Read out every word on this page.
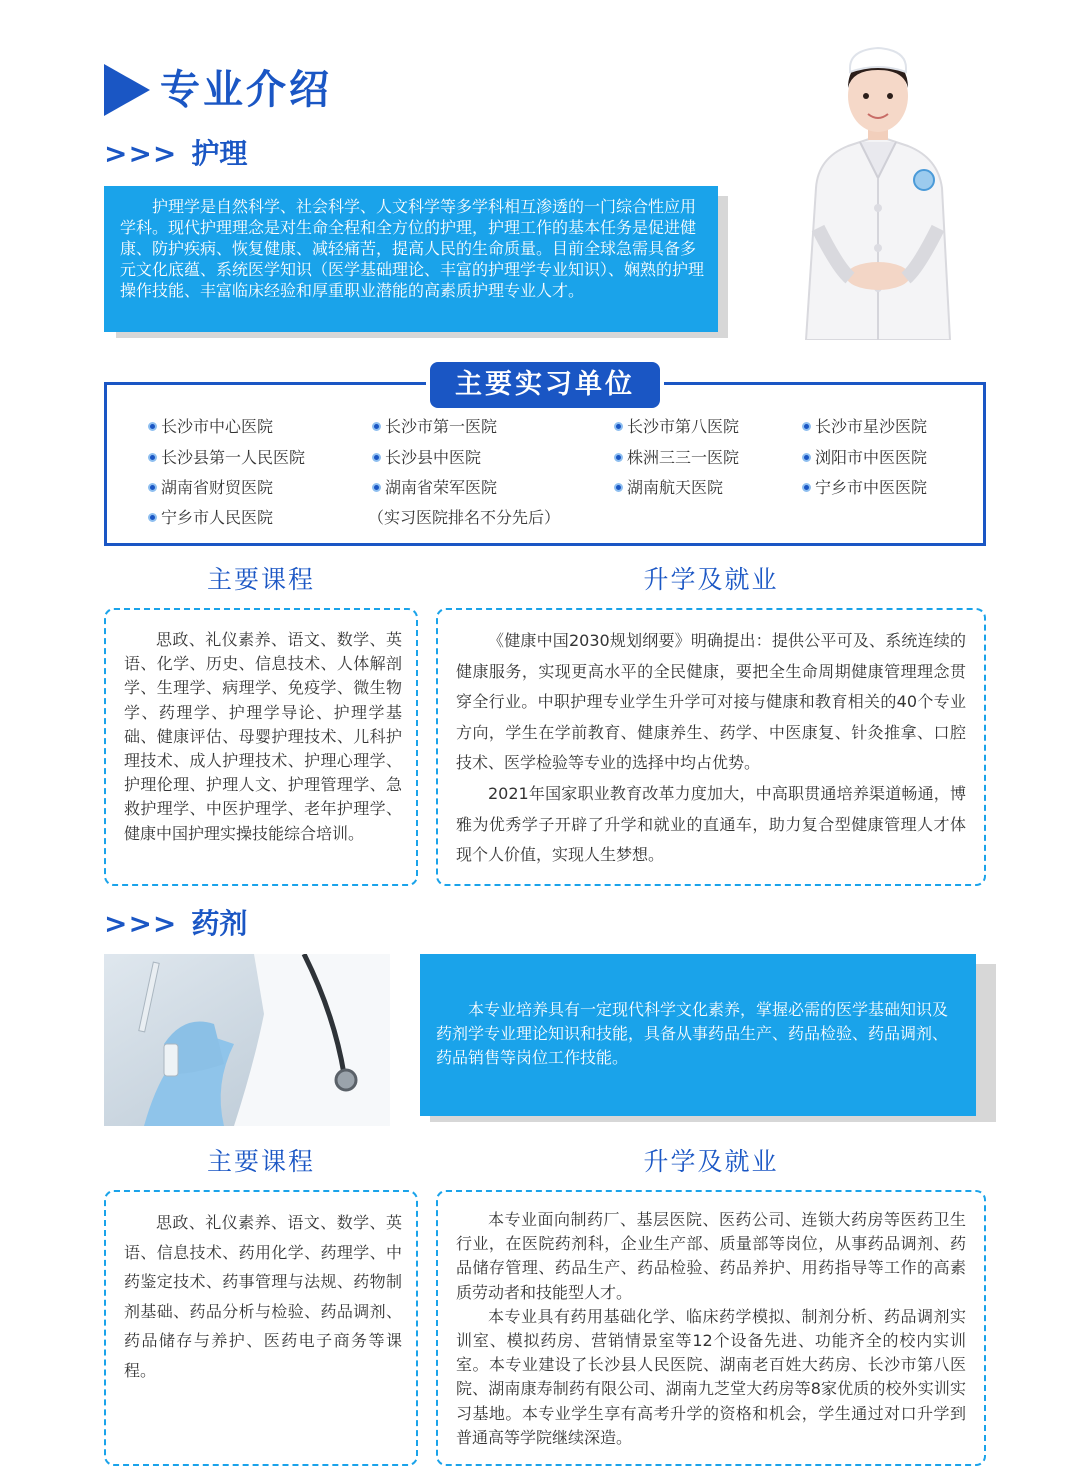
专业介绍
>>> 护理
护理学是自然科学、社会科学、人文科学等多学科相互渗透的一门综合性应用学科。现代护理理念是对生命全程和全方位的护理，护理工作的基本任务是促进健康、防护疾病、恢复健康、减轻痛苦，提高人民的生命质量。目前全球急需具备多元文化底蕴、系统医学知识（医学基础理论、丰富的护理学专业知识）、娴熟的护理操作技能、丰富临床经验和厚重职业潜能的高素质护理专业人才。
主要实习单位
长沙市中心医院	长沙市第一医院	长沙市第八医院	长沙市星沙医院
长沙县第一人民医院	长沙县中医院	株洲三三一医院	浏阳市中医医院
湖南省财贸医院	湖南省荣军医院	湖南航天医院	宁乡市中医医院
宁乡市人民医院	（实习医院排名不分先后）
主要课程	升学及就业
思政、礼仪素养、语文、数学、英语、化学、历史、信息技术、人体解剖学、生理学、病理学、免疫学、微生物学、药理学、护理学导论、护理学基础、健康评估、母婴护理技术、儿科护理技术、成人护理技术、护理心理学、护理伦理、护理人文、护理管理学、急救护理学、中医护理学、老年护理学、健康中国护理实操技能综合培训。

《健康中国2030规划纲要》明确提出：提供公平可及、系统连续的健康服务，实现更高水平的全民健康，要把全生命周期健康管理理念贯穿全行业。中职护理专业学生升学可对接与健康和教育相关的40个专业方向，学生在学前教育、健康养生、药学、中医康复、针灸推拿、口腔技术、医学检验等专业的选择中均占优势。

2021年国家职业教育改革力度加大，中高职贯通培养渠道畅通，博雅为优秀学子开辟了升学和就业的直通车，助力复合型健康管理人才体现个人价值，实现人生梦想。

>>> 药剂
本专业培养具有一定现代科学文化素养，掌握必需的医学基础知识及药剂学专业理论知识和技能，具备从事药品生产、药品检验、药品调剂、药品销售等岗位工作技能。
主要课程	升学及就业
思政、礼仪素养、语文、数学、英语、信息技术、药用化学、药理学、中药鉴定技术、药事管理与法规、药物制剂基础、药品分析与检验、药品调剂、药品储存与养护、医药电子商务等课程。

本专业面向制药厂、基层医院、医药公司、连锁大药房等医药卫生行业，在医院药剂科，企业生产部、质量部等岗位，从事药品调剂、药品储存管理、药品生产、药品检验、药品养护、用药指导等工作的高素质劳动者和技能型人才。

本专业具有药用基础化学、临床药学模拟、制剂分析、药品调剂实训室、模拟药房、营销情景室等12个设备先进、功能齐全的校内实训室。本专业建设了长沙县人民医院、湖南老百姓大药房、长沙市第八医院、湖南康寿制药有限公司、湖南九芝堂大药房等8家优质的校外实训实习基地。本专业学生享有高考升学的资格和机会，学生通过对口升学到普通高等学院继续深造。
